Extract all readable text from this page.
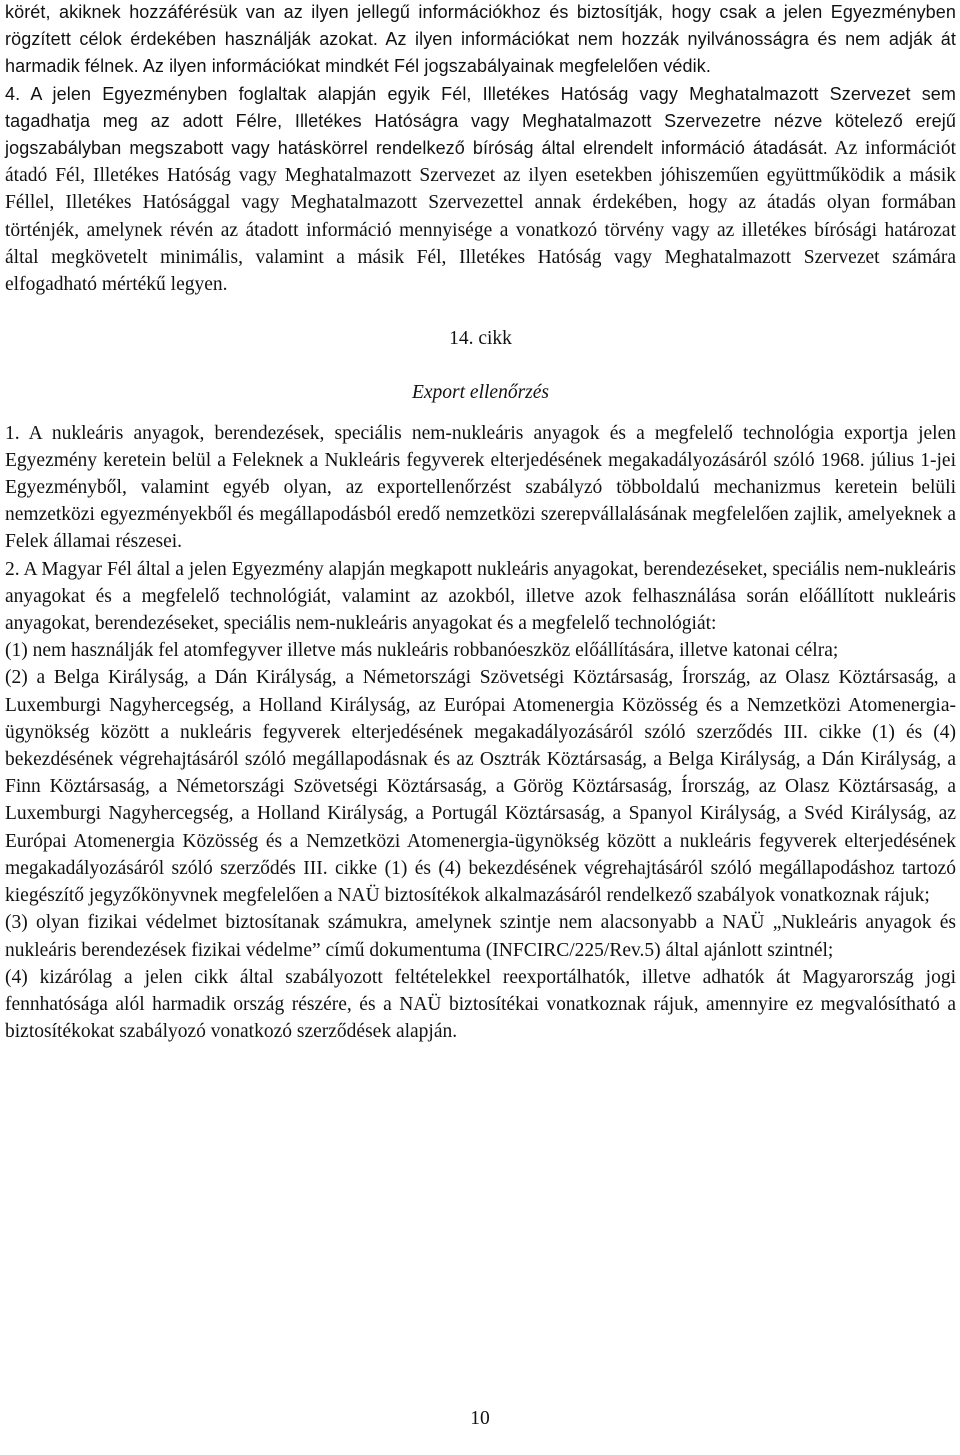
körét, akiknek hozzáférésük van az ilyen jellegű információkhoz és biztosítják, hogy csak a jelen Egyezményben rögzített célok érdekében használják azokat. Az ilyen információkat nem hozzák nyilvánosságra és nem adják át harmadik félnek. Az ilyen információkat mindkét Fél jogszabályainak megfelelően védik.

4. A jelen Egyezményben foglaltak alapján egyik Fél, Illetékes Hatóság vagy Meghatalmazott Szervezet sem tagadhatja meg az adott Félre, Illetékes Hatóságra vagy Meghatalmazott Szervezetre nézve kötelező erejű jogszabályban megszabott vagy hatáskörrel rendelkező bíróság által elrendelt információ átadását. Az információt átadó Fél, Illetékes Hatóság vagy Meghatalmazott Szervezet az ilyen esetekben jóhiszeműen együttműködik a másik Féllel, Illetékes Hatósággal vagy Meghatalmazott Szervezettel annak érdekében, hogy az átadás olyan formában történjék, amelynek révén az átadott információ mennyisége a vonatkozó törvény vagy az illetékes bírósági határozat által megkövetelt minimális, valamint a másik Fél, Illetékes Hatóság vagy Meghatalmazott Szervezet számára elfogadható mértékű legyen.

14. cikk

Export ellenőrzés

1. A nukleáris anyagok, berendezések, speciális nem-nukleáris anyagok és a megfelelő technológia exportja jelen Egyezmény keretein belül a Feleknek a Nukleáris fegyverek elterjedésének megakadályozásáról szóló 1968. július 1-jei Egyezményből, valamint egyéb olyan, az exportellenőrzést szabályzó többoldalú mechanizmus keretein belüli nemzetközi egyezményekből és megállapodásból eredő nemzetközi szerepvállalásának megfelelően zajlik, amelyeknek a Felek államai részesei.

2. A Magyar Fél által a jelen Egyezmény alapján megkapott nukleáris anyagokat, berendezéseket, speciális nem-nukleáris anyagokat és a megfelelő technológiát, valamint az azokból, illetve azok felhasználása során előállított nukleáris anyagokat, berendezéseket, speciális nem-nukleáris anyagokat és a megfelelő technológiát:

(1) nem használják fel atomfegyver illetve más nukleáris robbanóeszköz előállítására, illetve katonai célra;

(2) a Belga Királyság, a Dán Királyság, a Németországi Szövetségi Köztársaság, Írország, az Olasz Köztársaság, a Luxemburgi Nagyhercegség, a Holland Királyság, az Európai Atomenergia Közösség és a Nemzetközi Atomenergia-ügynökség között a nukleáris fegyverek elterjedésének megakadályozásáról szóló szerződés III. cikke (1) és (4) bekezdésének végrehajtásáról szóló megállapodásnak és az Osztrák Köztársaság, a Belga Királyság, a Dán Királyság, a Finn Köztársaság, a Németországi Szövetségi Köztársaság, a Görög Köztársaság, Írország, az Olasz Köztársaság, a Luxemburgi Nagyhercegség, a Holland Királyság, a Portugál Köztársaság, a Spanyol Királyság, a Svéd Királyság, az Európai Atomenergia Közösség és a Nemzetközi Atomenergia-ügynökség között a nukleáris fegyverek elterjedésének megakadályozásáról szóló szerződés III. cikke (1) és (4) bekezdésének végrehajtásáról szóló megállapodáshoz tartozó kiegészítő jegyzőkönyvnek megfelelően a NAÜ biztosítékok alkalmazásáról rendelkező szabályok vonatkoznak rájuk;

(3) olyan fizikai védelmet biztosítanak számukra, amelynek szintje nem alacsonyabb a NAÜ „Nukleáris anyagok és nukleáris berendezések fizikai védelme” című dokumentuma (INFCIRC/225/Rev.5) által ajánlott szintnél;

(4) kizárólag a jelen cikk által szabályozott feltételekkel reexportálhatók, illetve adhatók át Magyarország jogi fennhatósága alól harmadik ország részére, és a NAÜ biztosítékai vonatkoznak rájuk, amennyire ez megvalósítható a biztosítékokat szabályozó vonatkozó szerződések alapján.

10
